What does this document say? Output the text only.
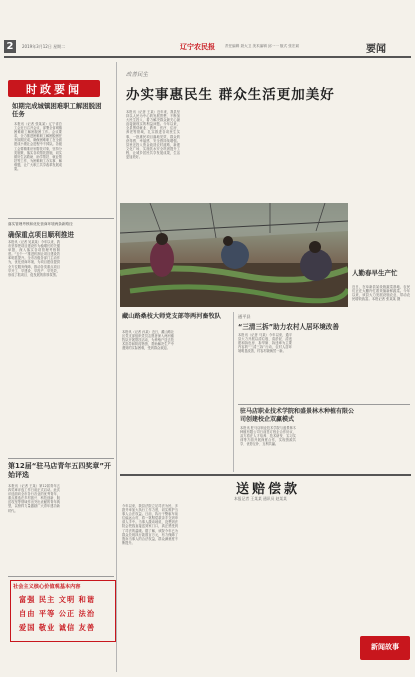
2	2019年3月12日 星期二	辽宁农民报	责任编辑 聂大卫 美术编辑 邱一一 版式 张宏斌	要闻
时政要闻
如期完成城镇困难职工解困脱困任务
本报讯（记者 张某某）辽宁省总工会近日召开会议，部署全省城镇困难职工解困脱困工作。会议要求，全力推进困难职工解困脱困任务如期完成，确保困难职工在全面建成小康社会进程中不掉队。各级工会要精准识别帮扶对象，坚持分类施策，落实各项帮扶措施，切实做好生活救助、助学帮扶、就业帮扶等工作，为困难职工办实事、解难题，让广大职工共享改革发展成果。
落实管理考核和优化营商环境两条新路径
确保重点项目顺利推进
本报讯（记者 吴某某）今年以来，我市坚持把项目建设作为稳增长的关键举措，深入落实各项管理考核制度。“五个一”推进机制让项目建设效率明显提升。全市各级各部门主动作为，优化营商环境，为项目建设提供全方位服务保障，推动各类重点项目早开工、早建设、早投产、早见效，形成了抓项目、促发展的浓厚氛围。
第12届“驻马店青年五四奖章”开始评选
本报讯（记者 王某）第12届青年五四奖章评选工作日前正式启动。此次评选面向全市各行各业的优秀青年，重点推选在乡村振兴、科技创新、脱贫攻坚等领域作出突出贡献的青年典型，以榜样力量激励广大青年建功新时代。
社会主义核心价值观基本内容
富强 民主 文明 和谐
自由 平等 公正 法治
爱国 敬业 诚信 友善
改善民生
办实事惠民生 群众生活更加美好
本报讯（记者 王某）近年来，我县坚持以人民为中心的发展思想，不断加大民生投入，着力解决群众最关心最直接最现实的利益问题。今年以来，全县围绕就业、教育、医疗、住房、养老等领域，扎实推进各项民生实事，一批惠民项目落地见效，群众的获得感、幸福感、安全感持续增强。县里还投入资金改造农村道路，新建文化广场，实施饮水安全巩固提升工程，让城乡居民共享发展成果，生活更加美好。
人勤春早生产忙
近日，在阜新县某设施蔬菜基地，农民们正在大棚内忙着采摘新鲜蔬菜。今年以来，该县大力发展设施农业，带动农民增收致富。本报记者 张某某 摄
藏山路桑枝大师党支部等两河畜牧队
本报讯（记者 孙某）近日，藏山路社区党支部组织党员志愿者深入两河畜牧队开展帮扶活动，为养殖户送去技术指导和防疫物资，帮助解决生产中遇到的实际困难，受到群众欢迎。
通平县
“三清三拆”助力农村人居环境改善
本报讯（记者 马某）今年以来，通平县大力开展以清垃圾、清淤泥、清违建和拆危房、拆旱厕、拆违章为主要内容的“三清三拆”行动，农村人居环境明显改善，村容村貌焕然一新。
驻马店职业技术学院和盛景林木种植有限公司创建校企双赢模式
本报讯 驻马店职业技术学院与盛景林木种植有限公司日前签订校企合作协议，双方将在人才培养、技术研发、实习实训等方面开展深度合作，实现资源共享、优势互补、互利共赢。
送赔偿款
本报记者 王某某 通讯员 赵某某
今年以来，我县法院立足司法为民，多措并举加大执行工作力度，切实维护当事人合法权益。日前，执行干警驱车前往偏远山村，将一笔赔偿款亲手交到申请人手中。当事人激动地说，没想到法院会把钱直接送到家门口，真正感受到了司法的温暖。据了解，该院今年已为群众兑现执行款数百万元，有力保障了胜诉当事人的合法权益，群众满意度不断提升。
新闻故事
